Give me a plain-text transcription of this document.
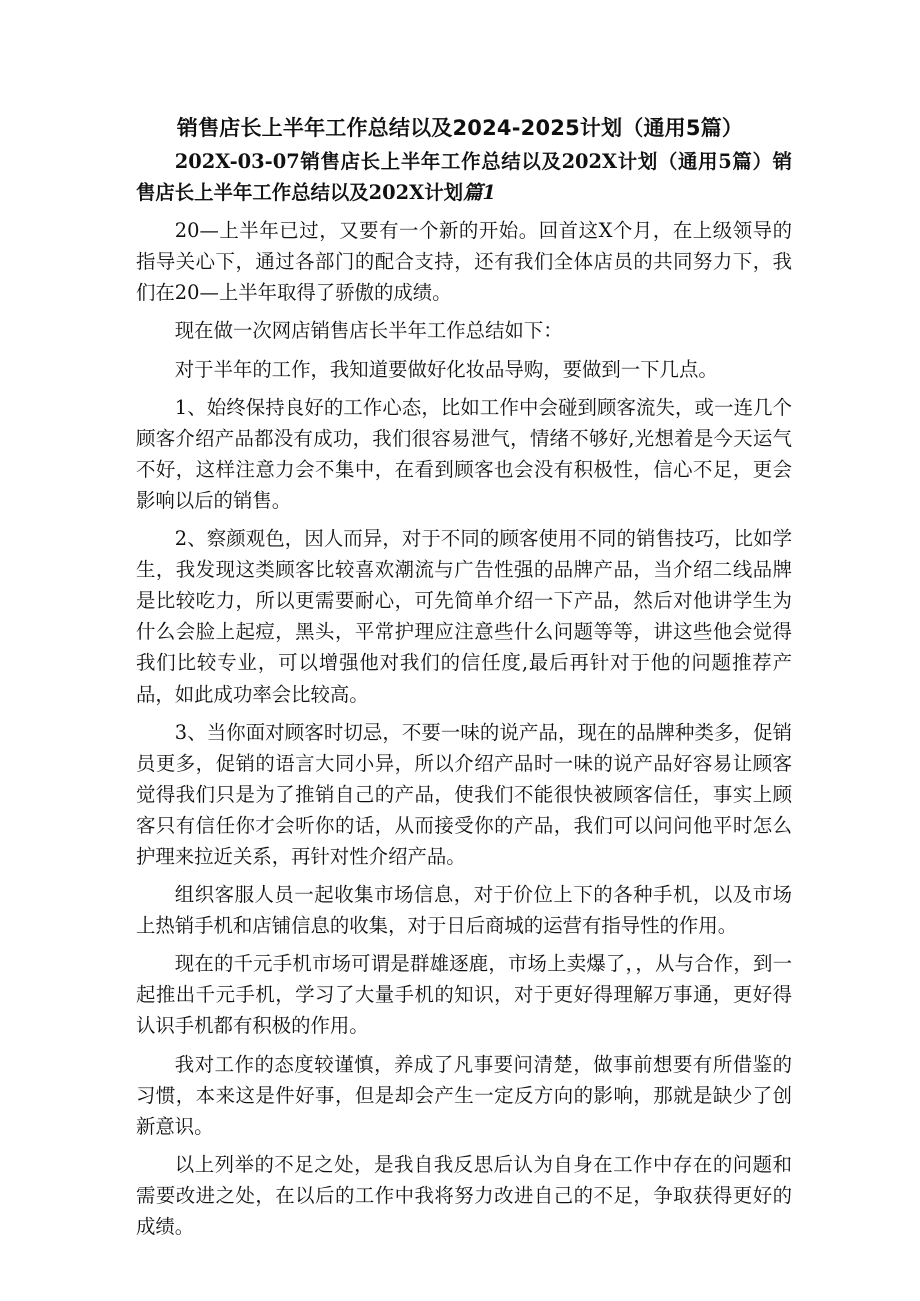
销售店长上半年工作总结以及2024-2025计划（通用5篇）

202X-03-07销售店长上半年工作总结以及202X计划（通用5篇）销售店长上半年工作总结以及202X计划篇1

20—上半年已过，又要有一个新的开始。回首这X个月，在上级领导的指导关心下，通过各部门的配合支持，还有我们全体店员的共同努力下，我们在20—上半年取得了骄傲的成绩。

现在做一次网店销售店长半年工作总结如下：

对于半年的工作，我知道要做好化妆品导购，要做到一下几点。

1、始终保持良好的工作心态，比如工作中会碰到顾客流失，或一连几个顾客介绍产品都没有成功，我们很容易泄气，情绪不够好,光想着是今天运气不好，这样注意力会不集中，在看到顾客也会没有积极性，信心不足，更会影响以后的销售。

2、察颜观色，因人而异，对于不同的顾客使用不同的销售技巧，比如学生，我发现这类顾客比较喜欢潮流与广告性强的品牌产品，当介绍二线品牌是比较吃力，所以更需要耐心，可先简单介绍一下产品，然后对他讲学生为什么会脸上起痘，黑头，平常护理应注意些什么问题等等，讲这些他会觉得我们比较专业，可以增强他对我们的信任度,最后再针对于他的问题推荐产品，如此成功率会比较高。

3、当你面对顾客时切忌，不要一味的说产品，现在的品牌种类多，促销员更多，促销的语言大同小异，所以介绍产品时一味的说产品好容易让顾客觉得我们只是为了推销自己的产品，使我们不能很快被顾客信任，事实上顾客只有信任你才会听你的话，从而接受你的产品，我们可以问问他平时怎么护理来拉近关系，再针对性介绍产品。

组织客服人员一起收集市场信息，对于价位上下的各种手机，以及市场上热销手机和店铺信息的收集，对于日后商城的运营有指导性的作用。

现在的千元手机市场可谓是群雄逐鹿，市场上卖爆了，，从与合作，到一起推出千元手机，学习了大量手机的知识，对于更好得理解万事通，更好得认识手机都有积极的作用。

我对工作的态度较谨慎，养成了凡事要问清楚，做事前想要有所借鉴的习惯，本来这是件好事，但是却会产生一定反方向的影响，那就是缺少了创新意识。

以上列举的不足之处，是我自我反思后认为自身在工作中存在的问题和需要改进之处，在以后的工作中我将努力改进自己的不足，争取获得更好的成绩。
